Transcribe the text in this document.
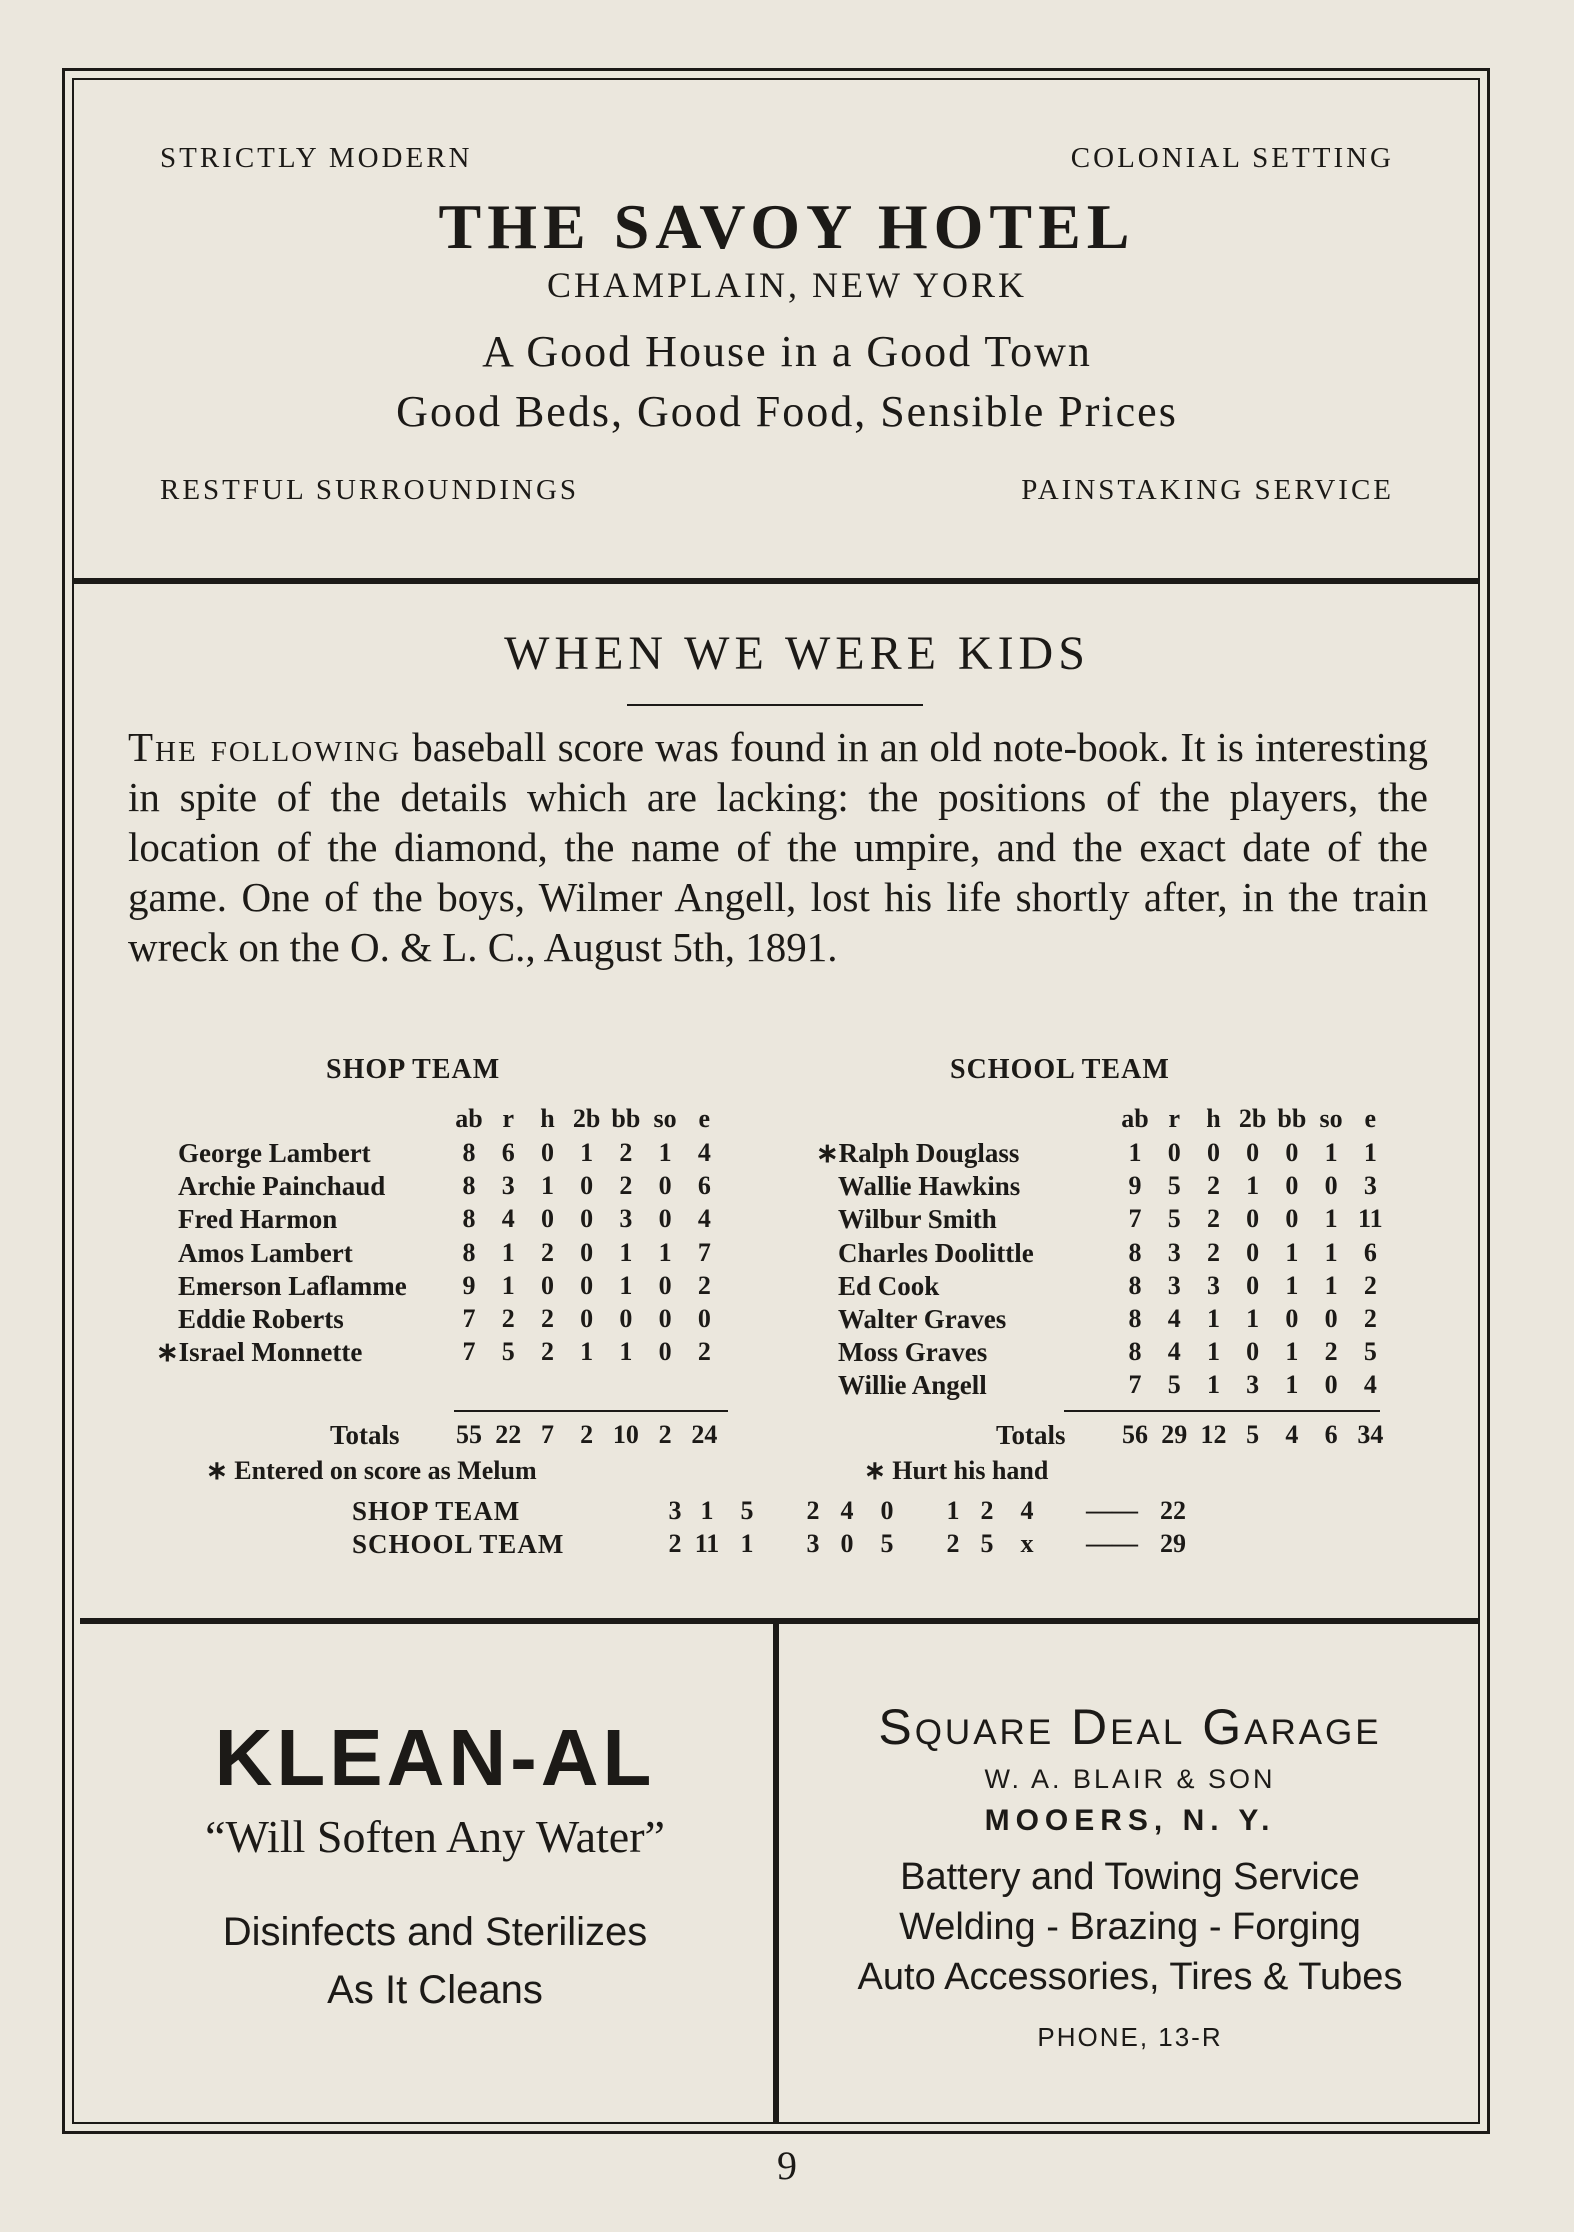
STRICTLY MODERN	COLONIAL SETTING
THE SAVOY HOTEL
CHAMPLAIN, NEW YORK
A Good House in a Good Town
Good Beds, Good Food, Sensible Prices
RESTFUL SURROUNDINGS	PAINSTAKING SERVICE
WHEN WE WERE KIDS
The following baseball score was found in an old note-book. It is interesting in spite of the details which are lacking: the positions of the players, the location of the diamond, the name of the umpire, and the exact date of the game. One of the boys, Wilmer Angell, lost his life shortly after, in the train wreck on the O. & L. C., August 5th, 1891.
SHOP TEAM	SCHOOL TEAM
ab r	h 2b bb so e
George Lambert	8	6	0	1	2	1	4
Archie Painchaud	8	3	1	0	2	0	6
Fred Harmon	8	4	0	0	3	0	4
Amos Lambert	8	1	2	0	1	1	7
Emerson Laflamme	9	1	0	0	1	0	2
Eddie Roberts	7	2	2	0	0	0	0
∗Israel Monnette	7	5	2	1	1	0	2
Totals 55 22 7	2 10 2 24
ab r	h 2b bb so e
∗Ralph Douglass	1	0	0	0	0	1	1
Wallie Hawkins	9	5	2	1	0	0	3
Wilbur Smith	7	5	2	0	0	1 11
Charles Doolittle	8	3	2	0	1	1	6
Ed Cook	8	3	3	0	1	1	2
Walter Graves	8	4	1	1	0	0	2
Moss Graves	8	4	1	0	1	2	5
Willie Angell	7	5	1	3	1	0	4
Totals 56 29 12 5	4	6 34
∗ Entered on score as Melum	∗ Hurt his hand
SHOP TEAM	3 1	5	2 4	0	1 2	4	—— 22
SCHOOL TEAM	2 11 1	3 0	5	2 5	x	—— 29
KLEAN-AL
“Will Soften Any Water”
Disinfects and Sterilizes
As It Cleans
Square Deal Garage
W. A. BLAIR & SON
MOOERS, N. Y.
Battery and Towing Service
Welding - Brazing - Forging
Auto Accessories, Tires & Tubes
PHONE, 13-R
9
